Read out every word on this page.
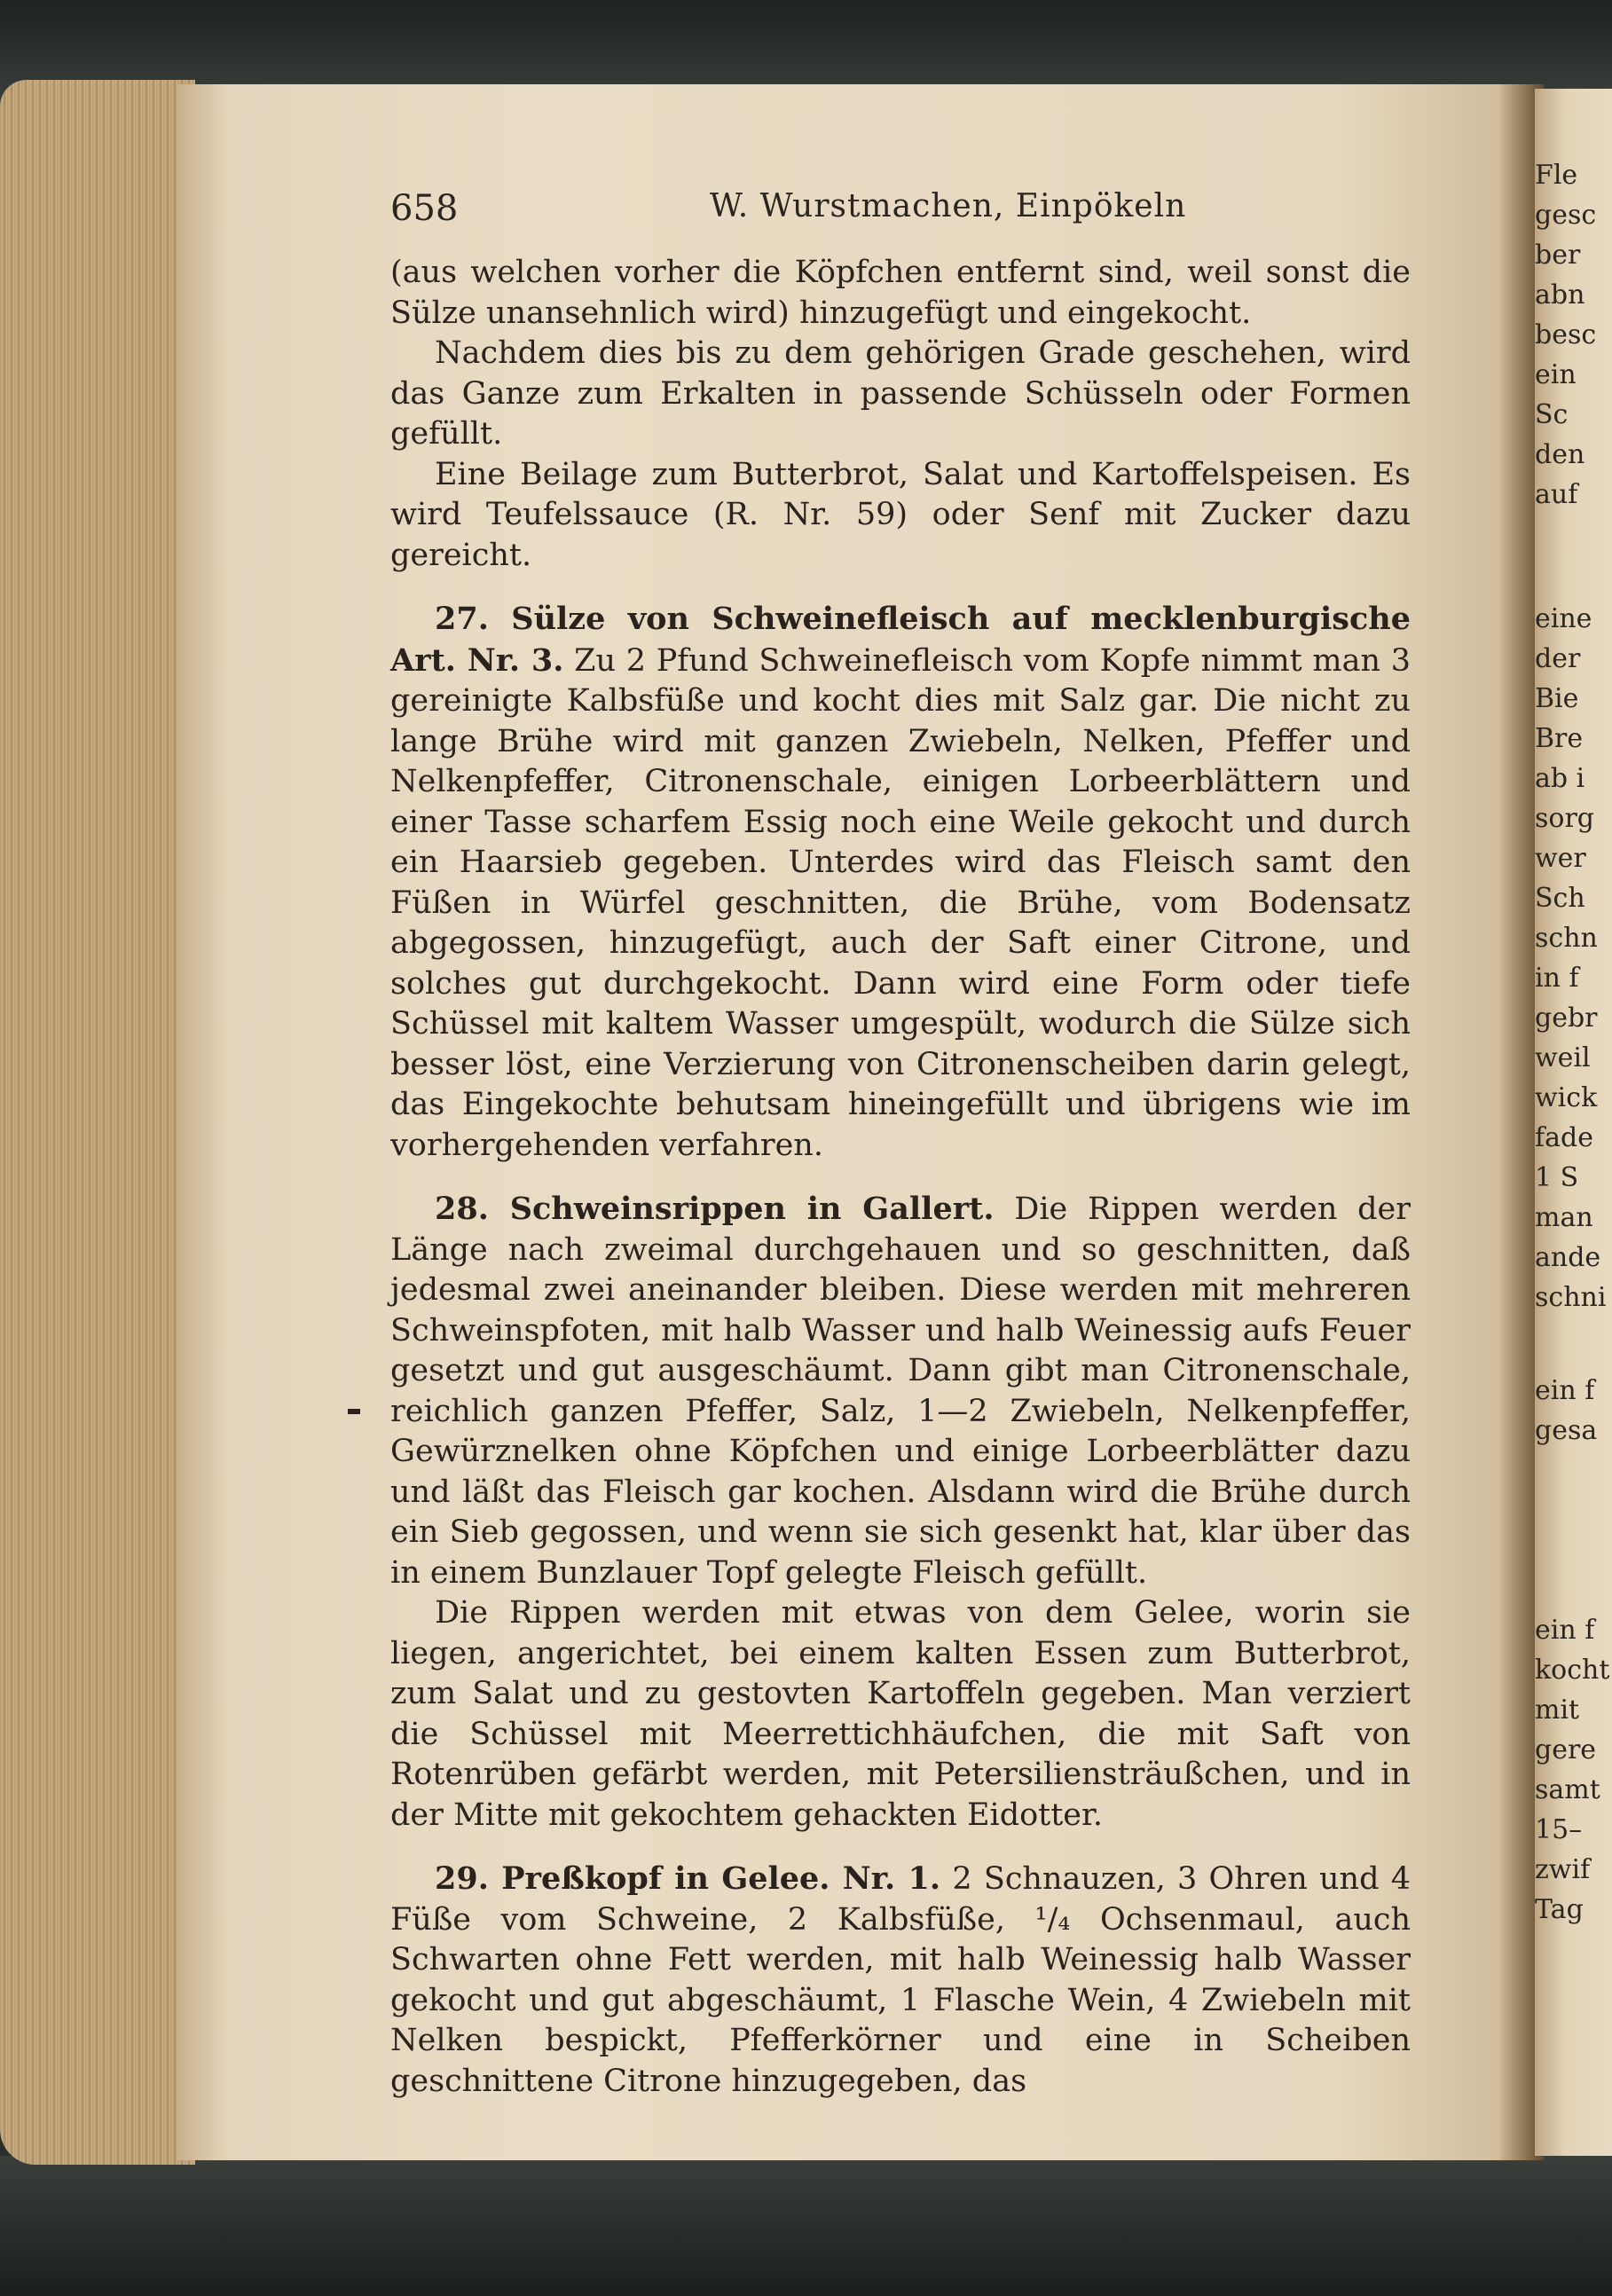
Fle
gesc
ber
abn
besc
ein
Sc
den
auf
eine
der
Bie
Bre
ab i
sorg
wer
Sch
schn
in f
gebr
weil
wick
fade
1 S
man
ande
schni
ein f
gesa
ein f
kocht
mit
gere
samt
15–
zwif
Tag
658	W. Wurstmachen, Einpökeln

(aus welchen vorher die Köpfchen entfernt sind, weil sonst die Sülze unansehnlich wird) hinzugefügt und eingekocht.

Nachdem dies bis zu dem gehörigen Grade geschehen, wird das Ganze zum Erkalten in passende Schüsseln oder Formen gefüllt.

Eine Beilage zum Butterbrot, Salat und Kartoffelspeisen. Es wird Teufelssauce (R. Nr. 59) oder Senf mit Zucker dazu gereicht.

27. Sülze von Schweinefleisch auf mecklenburgische Art. Nr. 3. Zu 2 Pfund Schweinefleisch vom Kopfe nimmt man 3 gereinigte Kalbsfüße und kocht dies mit Salz gar. Die nicht zu lange Brühe wird mit ganzen Zwiebeln, Nelken, Pfeffer und Nelkenpfeffer, Citronenschale, einigen Lorbeerblättern und einer Tasse scharfem Essig noch eine Weile gekocht und durch ein Haarsieb gegeben. Unterdes wird das Fleisch samt den Füßen in Würfel geschnitten, die Brühe, vom Bodensatz abgegossen, hinzugefügt, auch der Saft einer Citrone, und solches gut durchgekocht. Dann wird eine Form oder tiefe Schüssel mit kaltem Wasser umgespült, wodurch die Sülze sich besser löst, eine Verzierung von Citronenscheiben darin gelegt, das Eingekochte behutsam hineingefüllt und übrigens wie im vorhergehenden verfahren.

28. Schweinsrippen in Gallert. Die Rippen werden der Länge nach zweimal durchgehauen und so geschnitten, daß jedesmal zwei aneinander bleiben. Diese werden mit mehreren Schweinspfoten, mit halb Wasser und halb Weinessig aufs Feuer gesetzt und gut ausgeschäumt. Dann gibt man Citronenschale, reichlich ganzen Pfeffer, Salz, 1—2 Zwiebeln, Nelkenpfeffer, Gewürznelken ohne Köpfchen und einige Lorbeerblätter dazu und läßt das Fleisch gar kochen. Alsdann wird die Brühe durch ein Sieb gegossen, und wenn sie sich gesenkt hat, klar über das in einem Bunzlauer Topf gelegte Fleisch gefüllt.

Die Rippen werden mit etwas von dem Gelee, worin sie liegen, angerichtet, bei einem kalten Essen zum Butterbrot, zum Salat und zu gestovten Kartoffeln gegeben. Man verziert die Schüssel mit Meerrettichhäufchen, die mit Saft von Rotenrüben gefärbt werden, mit Petersiliensträußchen, und in der Mitte mit gekochtem gehackten Eidotter.

29. Preßkopf in Gelee. Nr. 1. 2 Schnauzen, 3 Ohren und 4 Füße vom Schweine, 2 Kalbsfüße, ¹/₄ Ochsenmaul, auch Schwarten ohne Fett werden, mit halb Weinessig halb Wasser gekocht und gut abgeschäumt, 1 Flasche Wein, 4 Zwiebeln mit Nelken bespickt, Pfefferkörner und eine in Scheiben geschnittene Citrone hinzugegeben, das
